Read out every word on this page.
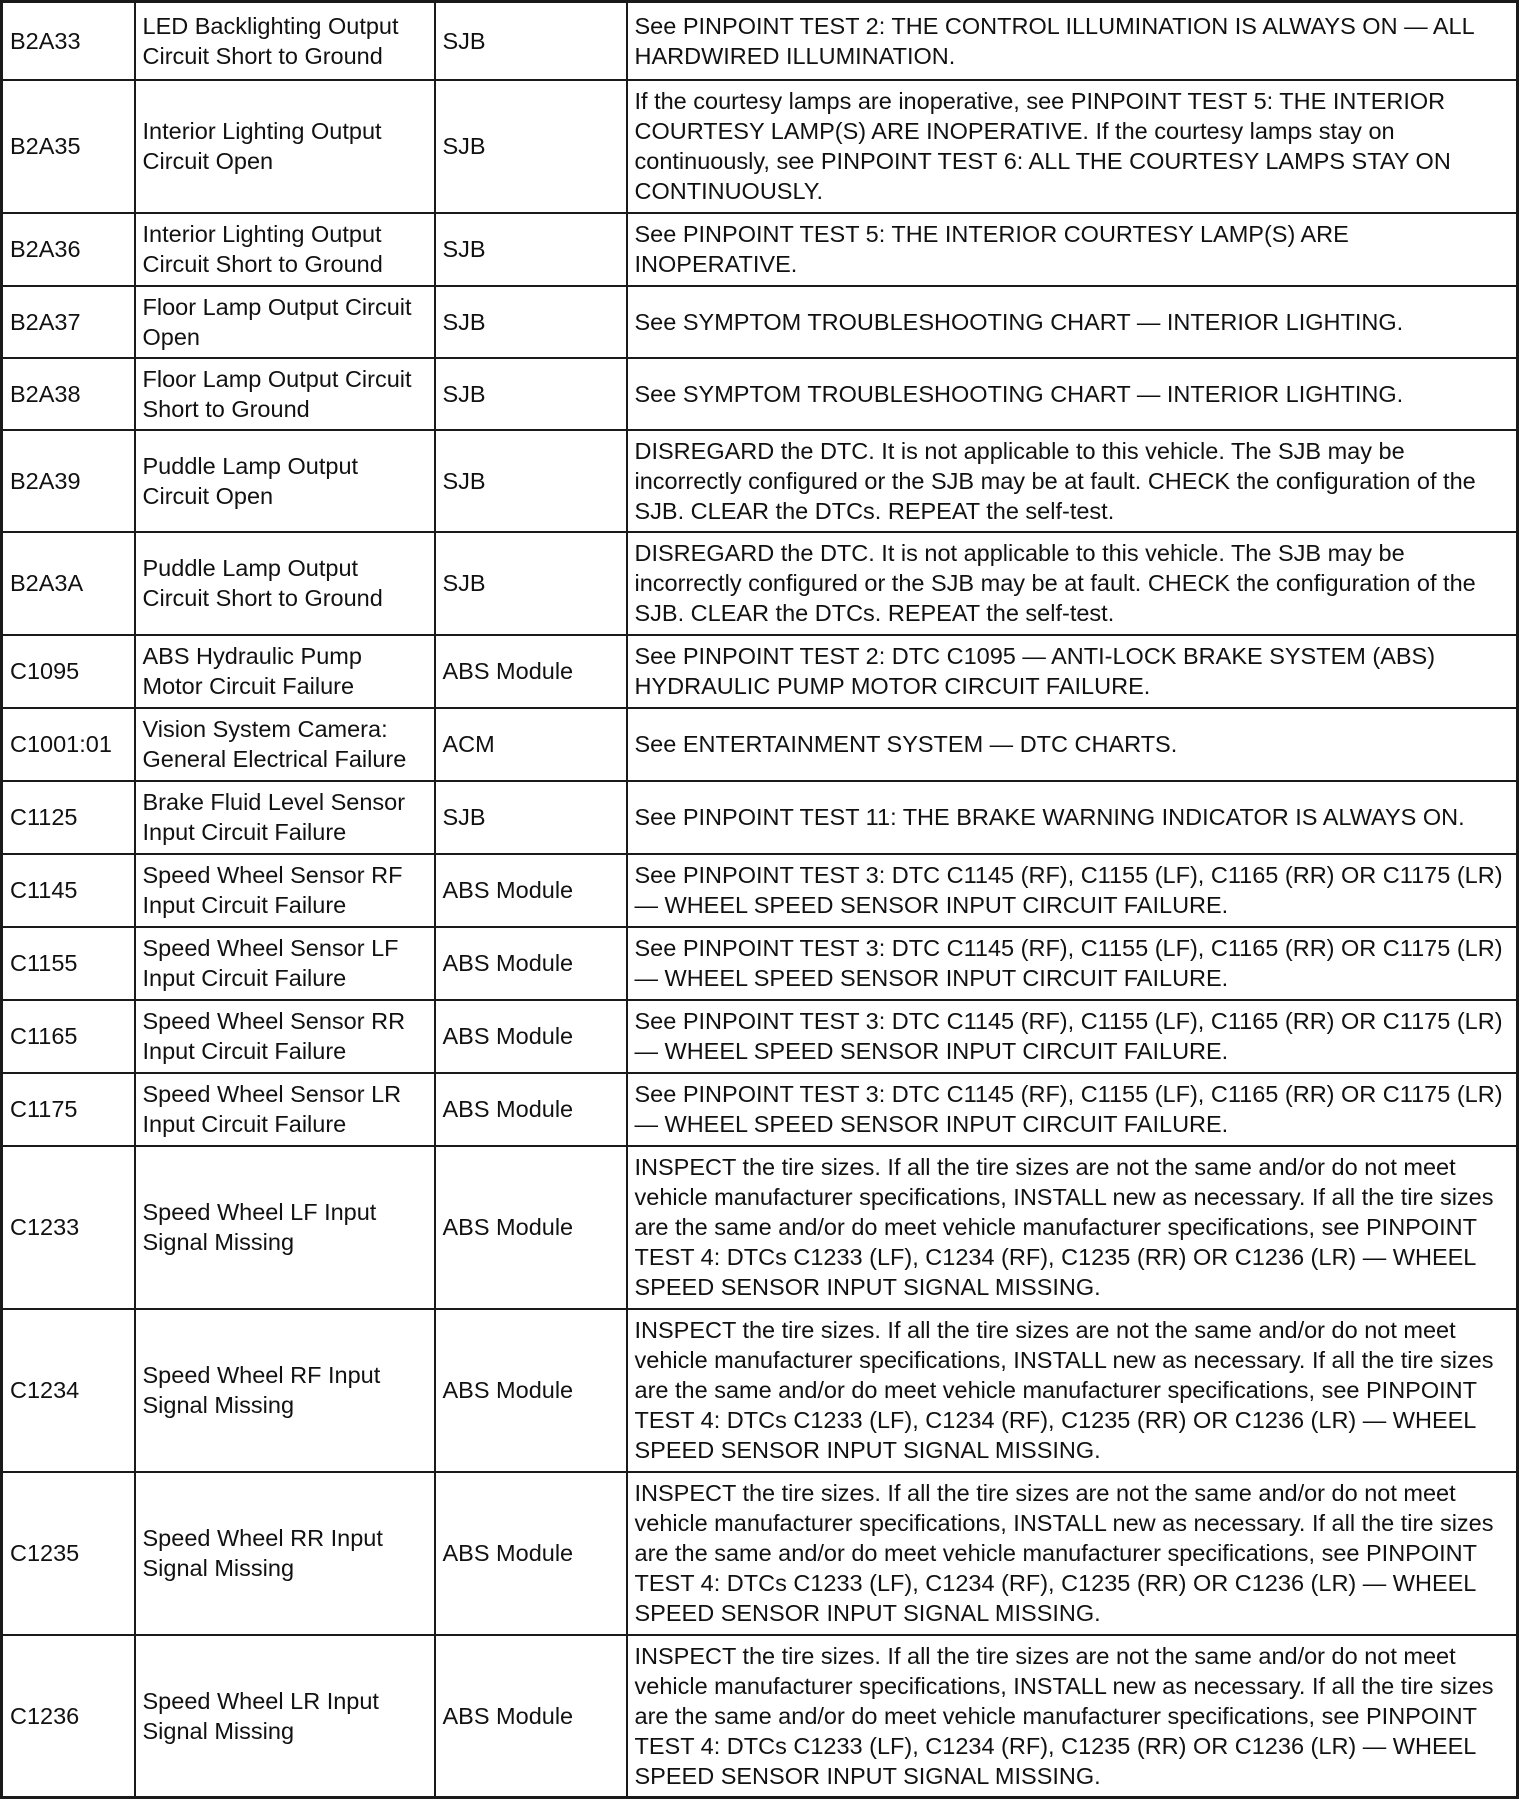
B2A33	LED Backlighting Output Circuit Short to Ground	SJB	See PINPOINT TEST 2: THE CONTROL ILLUMINATION IS ALWAYS ON — ALL HARDWIRED ILLUMINATION.
B2A35	Interior Lighting Output Circuit Open	SJB	If the courtesy lamps are inoperative, see PINPOINT TEST 5: THE INTERIOR COURTESY LAMP(S) ARE INOPERATIVE. If the courtesy lamps stay on continuously, see PINPOINT TEST 6: ALL THE COURTESY LAMPS STAY ON CONTINUOUSLY.
B2A36	Interior Lighting Output Circuit Short to Ground	SJB	See PINPOINT TEST 5: THE INTERIOR COURTESY LAMP(S) ARE INOPERATIVE.
B2A37	Floor Lamp Output Circuit Open	SJB	See SYMPTOM TROUBLESHOOTING CHART — INTERIOR LIGHTING.
B2A38	Floor Lamp Output Circuit Short to Ground	SJB	See SYMPTOM TROUBLESHOOTING CHART — INTERIOR LIGHTING.
B2A39	Puddle Lamp Output Circuit Open	SJB	DISREGARD the DTC. It is not applicable to this vehicle. The SJB may be incorrectly configured or the SJB may be at fault. CHECK the configuration of the SJB. CLEAR the DTCs. REPEAT the self-test.
B2A3A	Puddle Lamp Output Circuit Short to Ground	SJB	DISREGARD the DTC. It is not applicable to this vehicle. The SJB may be incorrectly configured or the SJB may be at fault. CHECK the configuration of the SJB. CLEAR the DTCs. REPEAT the self-test.
C1095	ABS Hydraulic Pump Motor Circuit Failure	ABS Module	See PINPOINT TEST 2: DTC C1095 — ANTI-LOCK BRAKE SYSTEM (ABS) HYDRAULIC PUMP MOTOR CIRCUIT FAILURE.
C1001:01	Vision System Camera: General Electrical Failure	ACM	See ENTERTAINMENT SYSTEM — DTC CHARTS.
C1125	Brake Fluid Level Sensor Input Circuit Failure	SJB	See PINPOINT TEST 11: THE BRAKE WARNING INDICATOR IS ALWAYS ON.
C1145	Speed Wheel Sensor RF Input Circuit Failure	ABS Module	See PINPOINT TEST 3: DTC C1145 (RF), C1155 (LF), C1165 (RR) OR C1175 (LR) — WHEEL SPEED SENSOR INPUT CIRCUIT FAILURE.
C1155	Speed Wheel Sensor LF Input Circuit Failure	ABS Module	See PINPOINT TEST 3: DTC C1145 (RF), C1155 (LF), C1165 (RR) OR C1175 (LR) — WHEEL SPEED SENSOR INPUT CIRCUIT FAILURE.
C1165	Speed Wheel Sensor RR Input Circuit Failure	ABS Module	See PINPOINT TEST 3: DTC C1145 (RF), C1155 (LF), C1165 (RR) OR C1175 (LR) — WHEEL SPEED SENSOR INPUT CIRCUIT FAILURE.
C1175	Speed Wheel Sensor LR Input Circuit Failure	ABS Module	See PINPOINT TEST 3: DTC C1145 (RF), C1155 (LF), C1165 (RR) OR C1175 (LR) — WHEEL SPEED SENSOR INPUT CIRCUIT FAILURE.
C1233	Speed Wheel LF Input Signal Missing	ABS Module	INSPECT the tire sizes. If all the tire sizes are not the same and/or do not meet vehicle manufacturer specifications, INSTALL new as necessary. If all the tire sizes are the same and/or do meet vehicle manufacturer specifications, see PINPOINT TEST 4: DTCs C1233 (LF), C1234 (RF), C1235 (RR) OR C1236 (LR) — WHEEL SPEED SENSOR INPUT SIGNAL MISSING.
C1234	Speed Wheel RF Input Signal Missing	ABS Module	INSPECT the tire sizes. If all the tire sizes are not the same and/or do not meet vehicle manufacturer specifications, INSTALL new as necessary. If all the tire sizes are the same and/or do meet vehicle manufacturer specifications, see PINPOINT TEST 4: DTCs C1233 (LF), C1234 (RF), C1235 (RR) OR C1236 (LR) — WHEEL SPEED SENSOR INPUT SIGNAL MISSING.
C1235	Speed Wheel RR Input Signal Missing	ABS Module	INSPECT the tire sizes. If all the tire sizes are not the same and/or do not meet vehicle manufacturer specifications, INSTALL new as necessary. If all the tire sizes are the same and/or do meet vehicle manufacturer specifications, see PINPOINT TEST 4: DTCs C1233 (LF), C1234 (RF), C1235 (RR) OR C1236 (LR) — WHEEL SPEED SENSOR INPUT SIGNAL MISSING.
C1236	Speed Wheel LR Input Signal Missing	ABS Module	INSPECT the tire sizes. If all the tire sizes are not the same and/or do not meet vehicle manufacturer specifications, INSTALL new as necessary. If all the tire sizes are the same and/or do meet vehicle manufacturer specifications, see PINPOINT TEST 4: DTCs C1233 (LF), C1234 (RF), C1235 (RR) OR C1236 (LR) — WHEEL SPEED SENSOR INPUT SIGNAL MISSING.
